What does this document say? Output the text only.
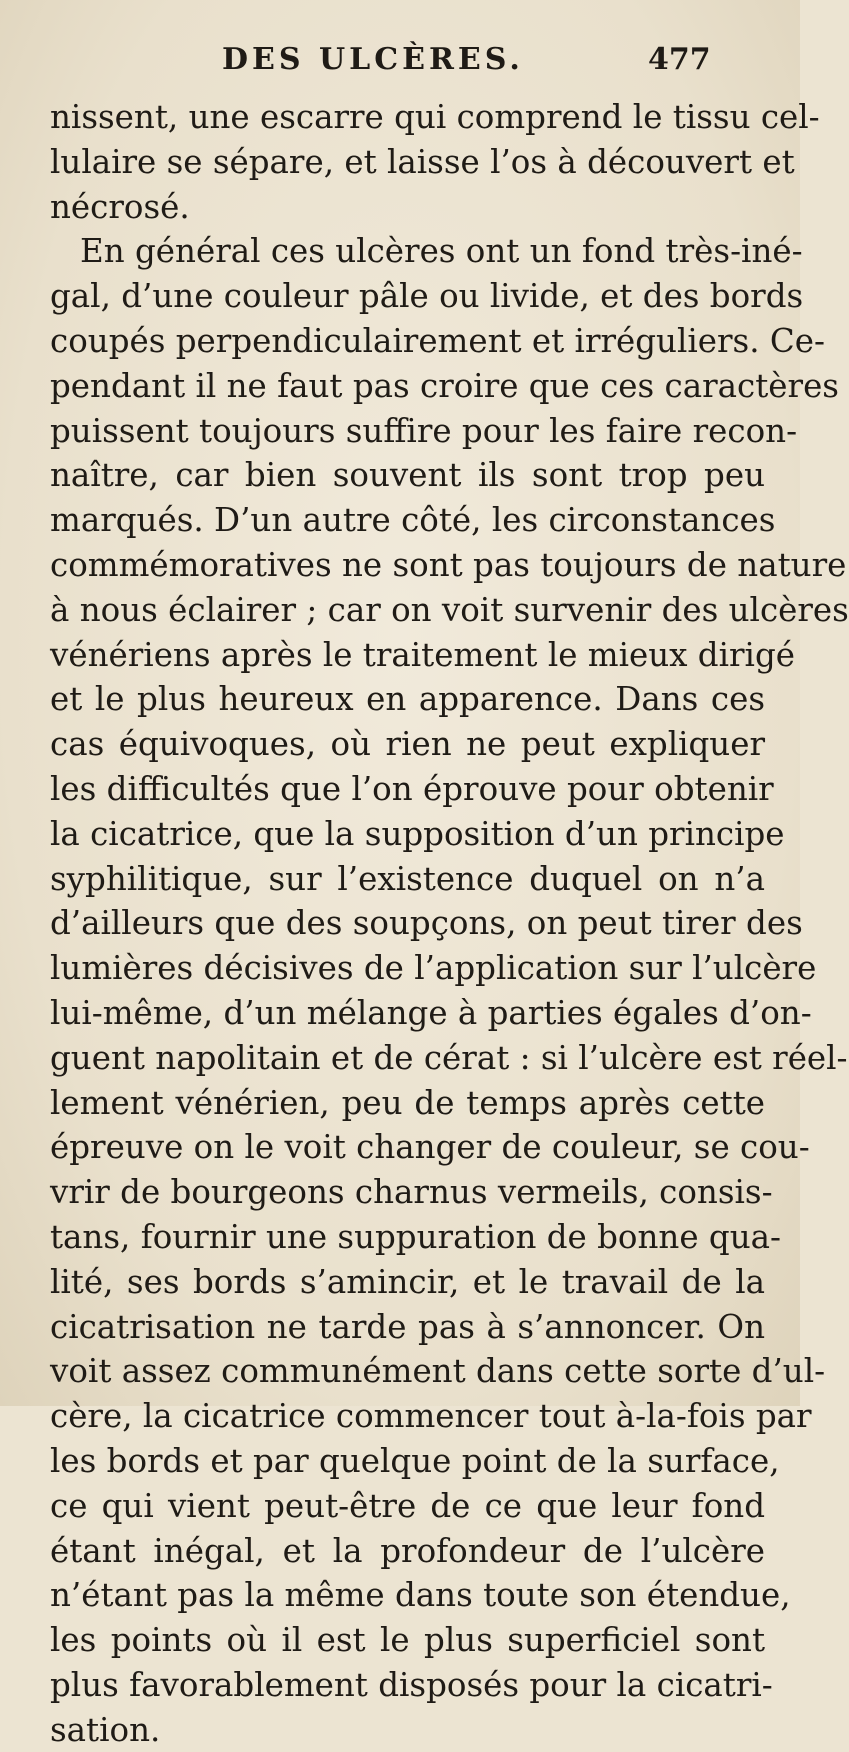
DES ULCÈRES.	477
nissent, une escarre qui comprend le tissu cel-
lulaire se sépare, et laisse l’os à découvert et
nécrosé.
En général ces ulcères ont un fond très-iné-
gal, d’une couleur pâle ou livide, et des bords
coupés perpendiculairement et irréguliers. Ce-
pendant il ne faut pas croire que ces caractères
puissent toujours suffire pour les faire recon-
naître, car bien souvent ils sont trop peu
marqués. D’un autre côté, les circonstances
commémoratives ne sont pas toujours de nature
à nous éclairer ; car on voit survenir des ulcères
vénériens après le traitement le mieux dirigé
et le plus heureux en apparence. Dans ces
cas équivoques, où rien ne peut expliquer
les difficultés que l’on éprouve pour obtenir
la cicatrice, que la supposition d’un principe
syphilitique, sur l’existence duquel on n’a
d’ailleurs que des soupçons, on peut tirer des
lumières décisives de l’application sur l’ulcère
lui-même, d’un mélange à parties égales d’on-
guent napolitain et de cérat : si l’ulcère est réel-
lement vénérien, peu de temps après cette
épreuve on le voit changer de couleur, se cou-
vrir de bourgeons charnus vermeils, consis-
tans, fournir une suppuration de bonne qua-
lité, ses bords s’amincir, et le travail de la
cicatrisation ne tarde pas à s’annoncer. On
voit assez communément dans cette sorte d’ul-
cère, la cicatrice commencer tout à-la-fois par
les bords et par quelque point de la surface,
ce qui vient peut-être de ce que leur fond
étant inégal, et la profondeur de l’ulcère
n’étant pas la même dans toute son étendue,
les points où il est le plus superficiel sont
plus favorablement disposés pour la cicatri-
sation.
